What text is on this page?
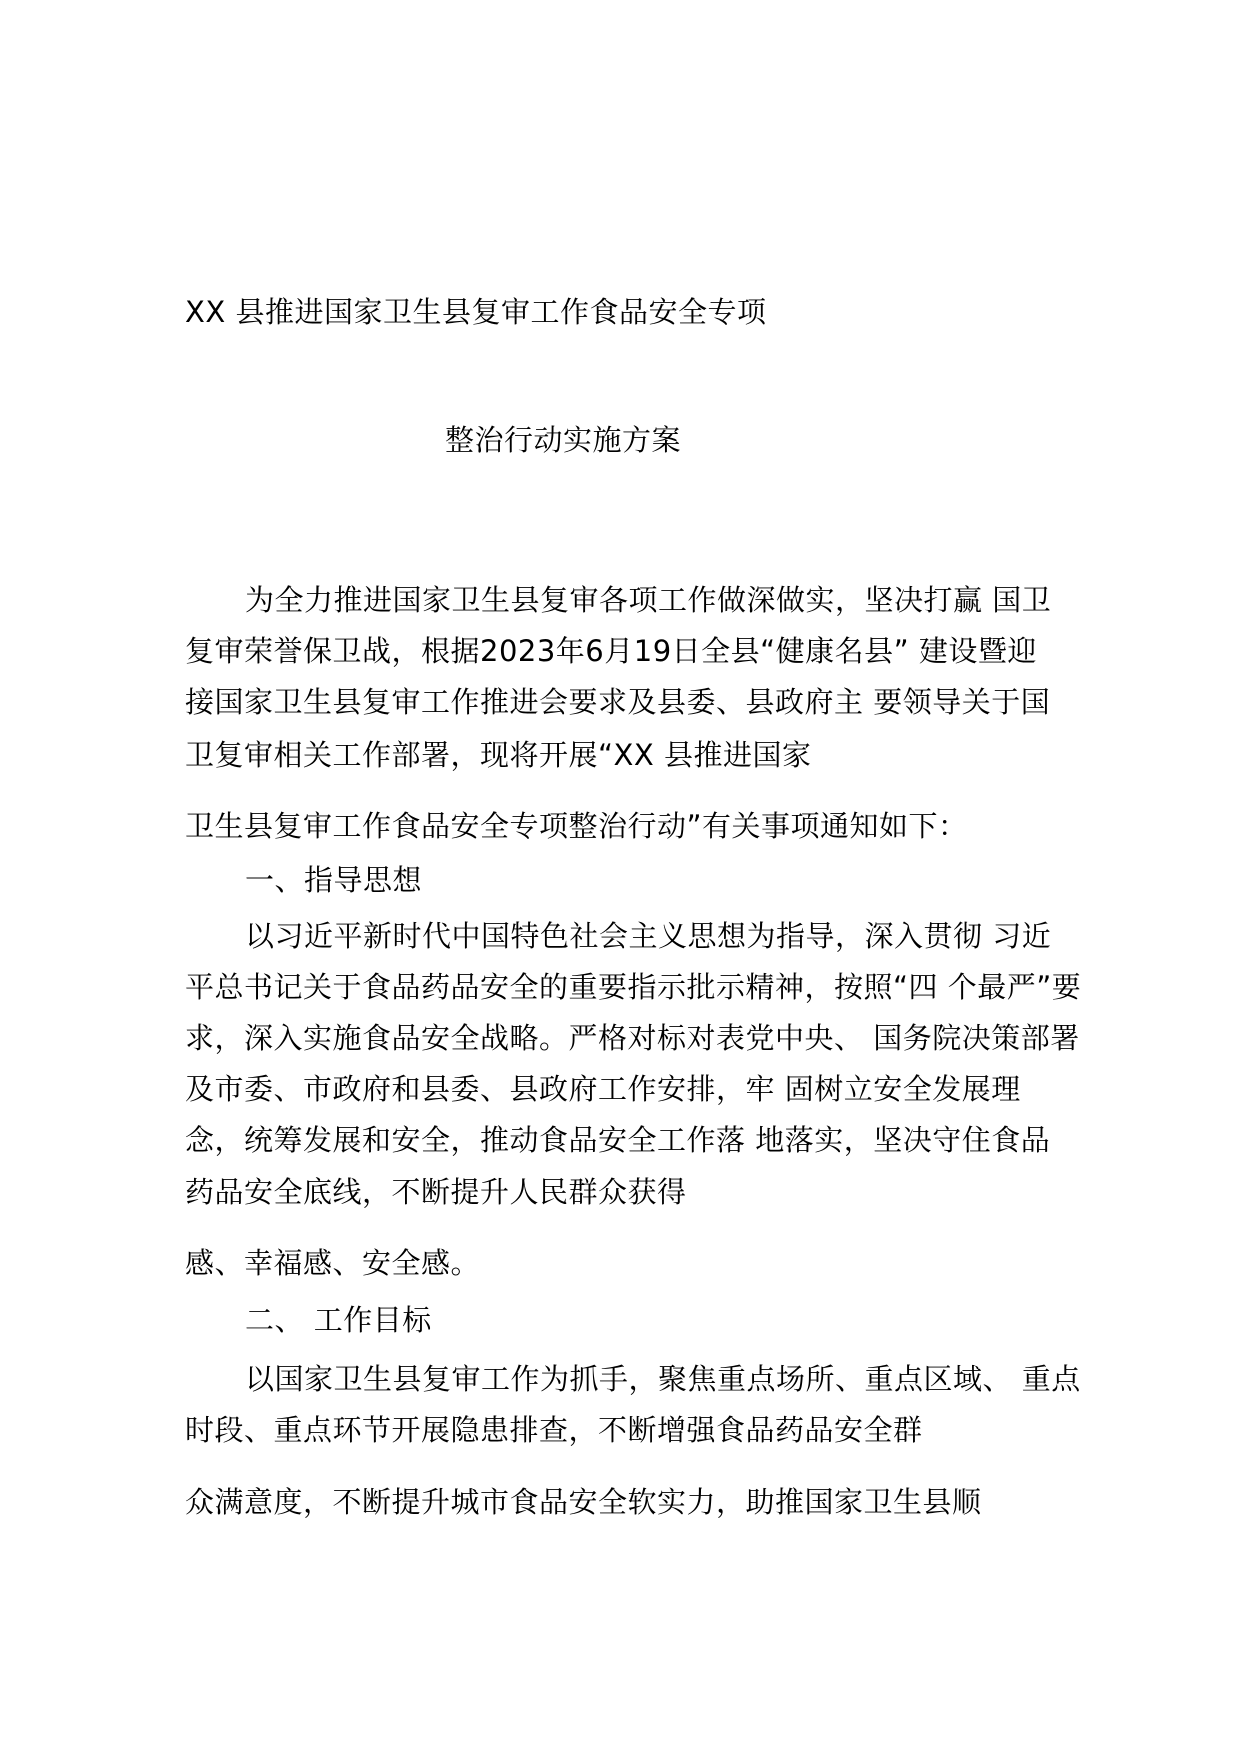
XX 县推进国家卫生县复审工作食品安全专项
整治行动实施方案
为全力推进国家卫生县复审各项工作做深做实，坚决打赢 国卫
复审荣誉保卫战，根据2023年6月19日全县“健康名县” 建设暨迎
接国家卫生县复审工作推进会要求及县委、县政府主 要领导关于国
卫复审相关工作部署，现将开展“XX 县推进国家
卫生县复审工作食品安全专项整治行动”有关事项通知如下：
一、指导思想
以习近平新时代中国特色社会主义思想为指导，深入贯彻 习近
平总书记关于食品药品安全的重要指示批示精神，按照“四 个最严”要
求，深入实施食品安全战略。严格对标对表党中央、 国务院决策部署
及市委、市政府和县委、县政府工作安排，牢 固树立安全发展理
念，统筹发展和安全，推动食品安全工作落 地落实，坚决守住食品
药品安全底线，不断提升人民群众获得
感、幸福感、安全感。
二、 工作目标
以国家卫生县复审工作为抓手，聚焦重点场所、重点区域、 重点
时段、重点环节开展隐患排查，不断增强食品药品安全群
众满意度，不断提升城市食品安全软实力，助推国家卫生县顺
